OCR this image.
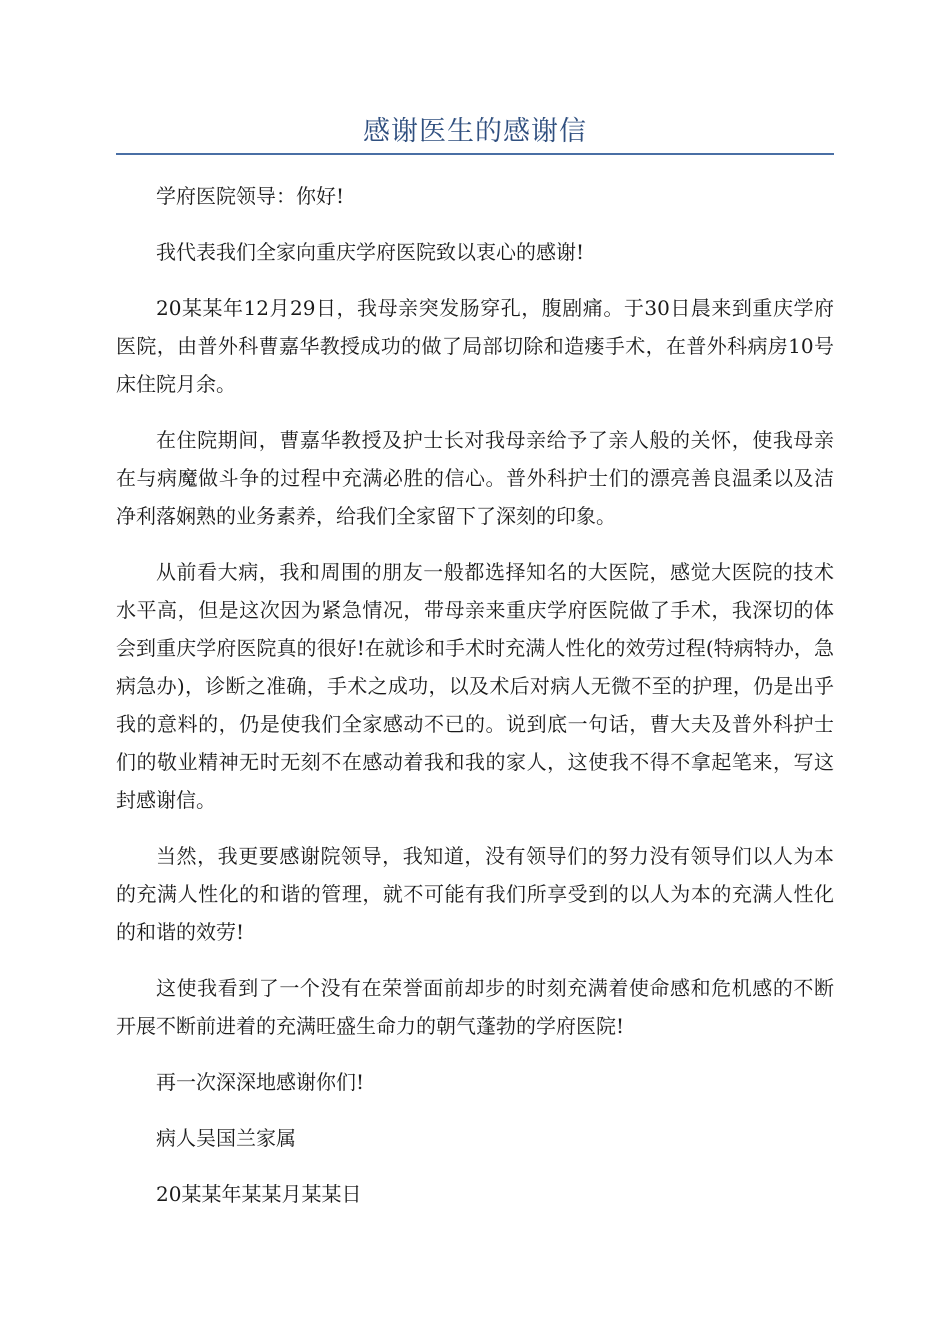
感谢医生的感谢信

学府医院领导：你好!

我代表我们全家向重庆学府医院致以衷心的感谢!

20某某年12月29日，我母亲突发肠穿孔，腹剧痛。于30日晨来到重庆学府医院，由普外科曹嘉华教授成功的做了局部切除和造瘘手术，在普外科病房10号床住院月余。

在住院期间，曹嘉华教授及护士长对我母亲给予了亲人般的关怀，使我母亲在与病魔做斗争的过程中充满必胜的信心。普外科护士们的漂亮善良温柔以及洁净利落娴熟的业务素养，给我们全家留下了深刻的印象。

从前看大病，我和周围的朋友一般都选择知名的大医院，感觉大医院的技术水平高，但是这次因为紧急情况，带母亲来重庆学府医院做了手术，我深切的体会到重庆学府医院真的很好!在就诊和手术时充满人性化的效劳过程(特病特办，急病急办)，诊断之准确，手术之成功，以及术后对病人无微不至的护理，仍是出乎我的意料的，仍是使我们全家感动不已的。说到底一句话，曹大夫及普外科护士们的敬业精神无时无刻不在感动着我和我的家人，这使我不得不拿起笔来，写这封感谢信。

当然，我更要感谢院领导，我知道，没有领导们的努力没有领导们以人为本的充满人性化的和谐的管理，就不可能有我们所享受到的以人为本的充满人性化的和谐的效劳!

这使我看到了一个没有在荣誉面前却步的时刻充满着使命感和危机感的不断开展不断前进着的充满旺盛生命力的朝气蓬勃的学府医院!

再一次深深地感谢你们!

病人吴国兰家属

20某某年某某月某某日
